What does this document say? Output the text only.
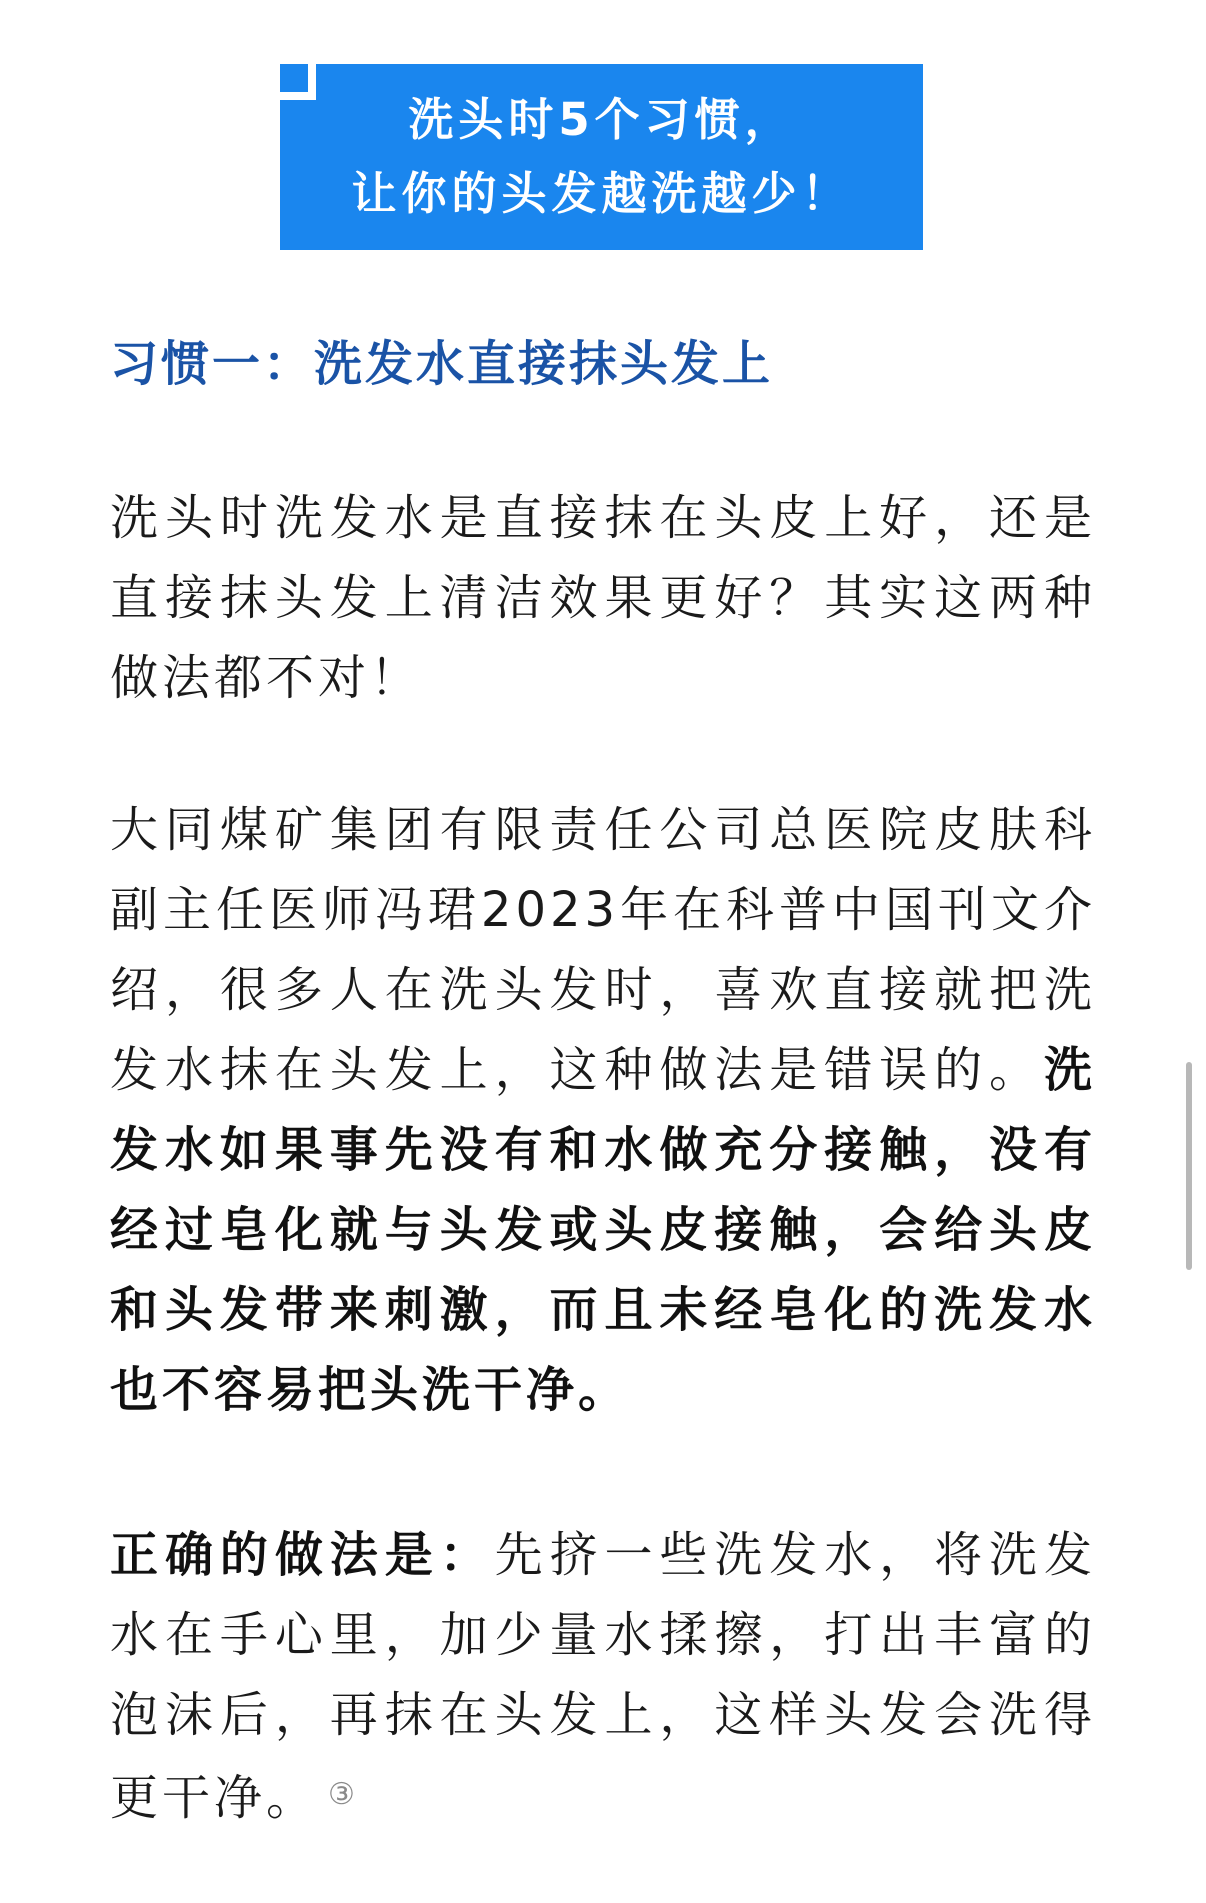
洗头时5个习惯，
让你的头发越洗越少！
习惯一：洗发水直接抹头发上

洗头时洗发水是直接抹在头皮上好，还是直接抹头发上清洁效果更好？其实这两种做法都不对！

大同煤矿集团有限责任公司总医院皮肤科副主任医师冯珺2023年在科普中国刊文介绍，很多人在洗头发时，喜欢直接就把洗发水抹在头发上，这种做法是错误的。洗发水如果事先没有和水做充分接触，没有经过皂化就与头发或头皮接触，会给头皮和头发带来刺激，而且未经皂化的洗发水也不容易把头洗干净。

正确的做法是：先挤一些洗发水，将洗发水在手心里，加少量水揉擦，打出丰富的泡沫后，再抹在头发上，这样头发会洗得更干净。 ③
